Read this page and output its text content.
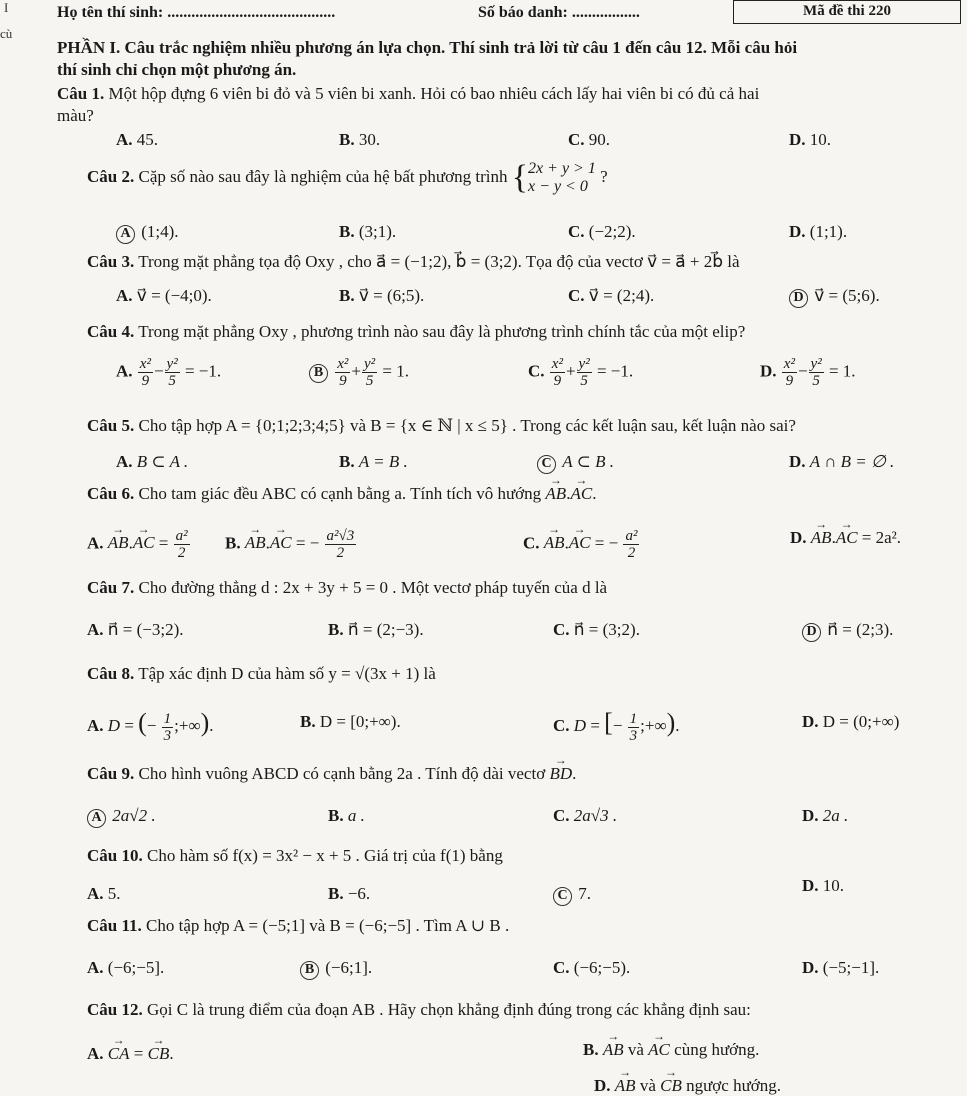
I
cù
Họ tên thí sinh: ..........................................	Số báo danh: .................	Mã đề thi 220
PHẦN I. Câu trắc nghiệm nhiều phương án lựa chọn. Thí sinh trả lời từ câu 1 đến câu 12. Mỗi câu hỏi
thí sinh chỉ chọn một phương án.
Câu 1. Một hộp đựng 6 viên bi đỏ và 5 viên bi xanh. Hỏi có bao nhiêu cách lấy hai viên bi có đủ cả hai
màu?
A. 45.	B. 30.	C. 90.	D. 10.
Câu 2. Cặp số nào sau đây là nghiệm của hệ bất phương trình { 2x + y > 1
x − y < 0
?
A (1;4).	B. (3;1).	C. (−2;2).	D. (1;1).
Câu 3. Trong mặt phẳng tọa độ Oxy , cho a⃗ = (−1;2), b⃗ = (3;2). Tọa độ của vectơ v⃗ = a⃗ + 2b⃗ là
A. v⃗ = (−4;0).	B. v⃗ = (6;5).	C. v⃗ = (2;4).	D v⃗ = (5;6).
Câu 4. Trong mặt phẳng Oxy , phương trình nào sau đây là phương trình chính tắc của một elip?
A. $\frac{\text{x²}}{9} - \frac{\text{y²}}{5} = -1$.	B $\frac{\text{x²}}{9} + \frac{\text{y²}}{5} = 1$.	C. $\frac{\text{x²}}{9} + \frac{\text{y²}}{5} = -1$.	D. $\frac{\text{x²}}{9} - \frac{\text{y²}}{5} = 1$.
Câu 5. Cho tập hợp A = {0;1;2;3;4;5} và B = {x ∈ ℕ | x ≤ 5} . Trong các kết luận sau, kết luận nào sai?
A. B ⊂ A .	B. A = B .	C A ⊂ B .	D. A ∩ B = ∅ .
Câu 6. Cho tam giác đều ABC có cạnh bằng a. Tính tích vô hướng → AB.→ AC.
A. → AB.→ AC = $\frac{\text{a²}}{2} B$. → AB.→ AC = − $\frac{\text{a²√3}}{2}$	C. → AB.→ AC = − $\frac{\text{a²}}{2}$	D. → AB.→ AC = 2a².
Câu 7. Cho đường thẳng d : 2x + 3y + 5 = 0 . Một vectơ pháp tuyến của d là
A. n⃗ = (−3;2).	B. n⃗ = (2;−3).	C. n⃗ = (3;2).	D n⃗ = (2;3).
Câu 8. Tập xác định D của hàm số y = √(3x + 1) là
A. D = (− $\frac{1}{3}$ ;+∞).	B. D = [0;+∞).	C. D = [− $\frac{1}{3}$ ;+∞).	D. D = (0;+∞)
Câu 9. Cho hình vuông ABCD có cạnh bằng 2a . Tính độ dài vectơ → BD.
A 2a√2 .	B. a .	C. 2a√3 .	D. 2a .
Câu 10. Cho hàm số f(x) = 3x² − x + 5 . Giá trị của f(1) bằng
A. 5.	B. −6.	C 7.	D. 10.
Câu 11. Cho tập hợp A = (−5;1] và B = (−6;−5] . Tìm A ∪ B .
A. (−6;−5].	B (−6;1].	C. (−6;−5).	D. (−5;−1].
Câu 12. Gọi C là trung điểm của đoạn AB . Hãy chọn khẳng định đúng trong các khẳng định sau:
A. → CA = → CB.	B. → AB và → AC cùng hướng.
D. → AB và → CB ngược hướng.
